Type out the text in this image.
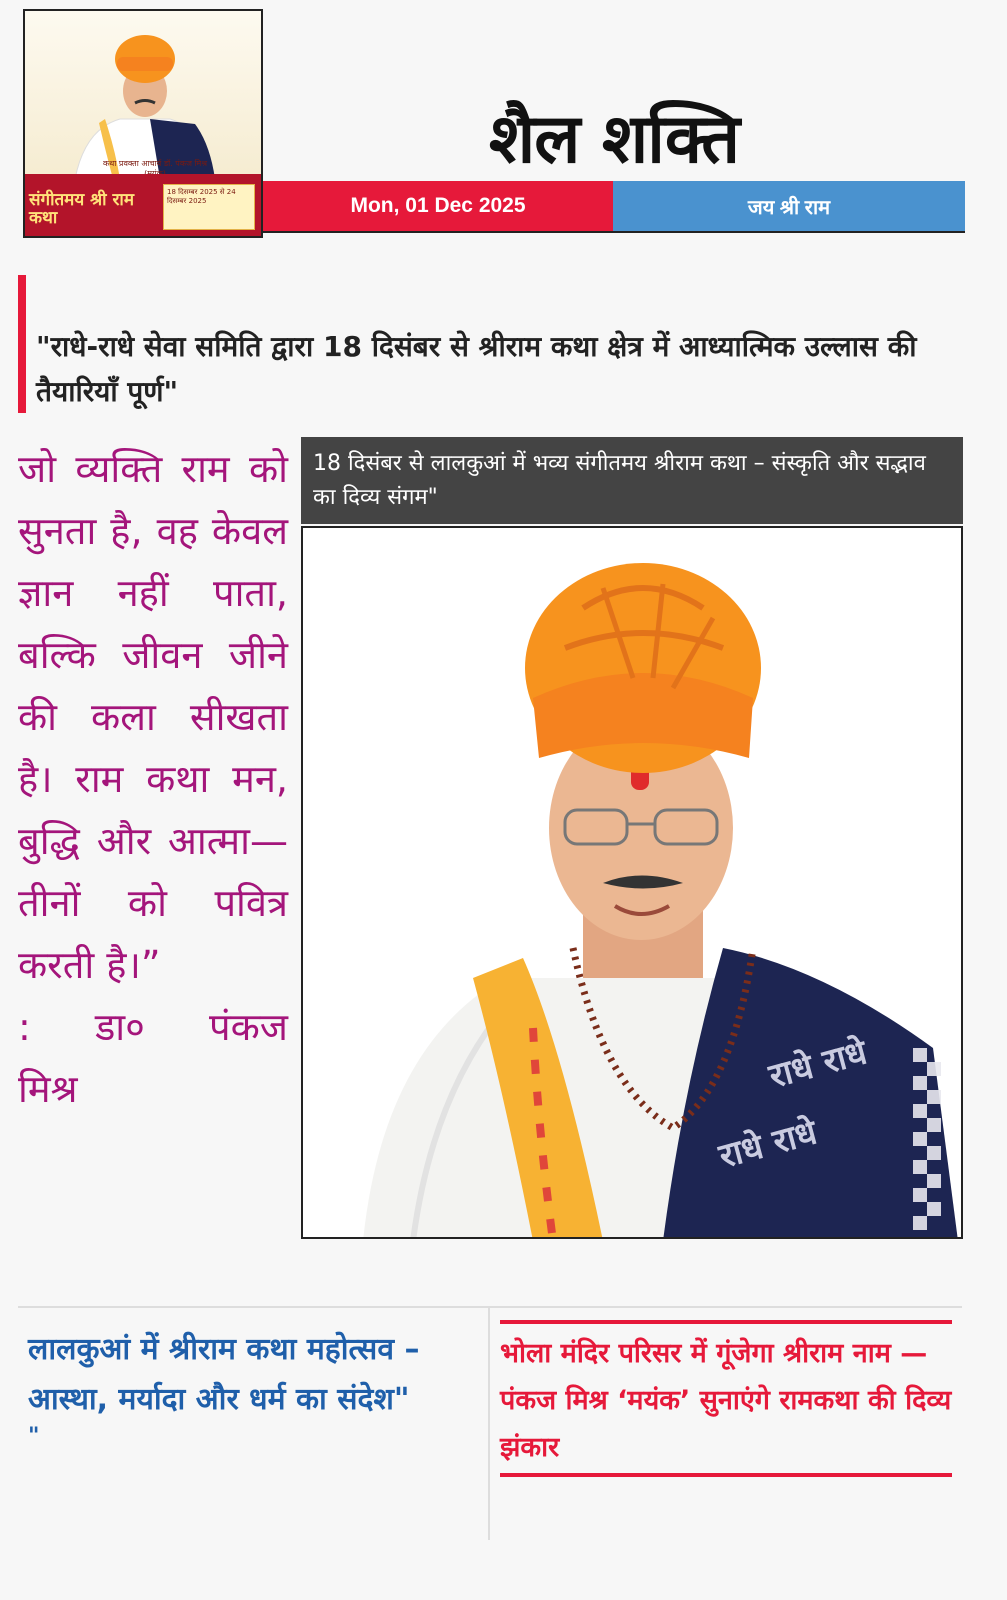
कथा प्रवक्ता आचार्य डॉ. पंकज मिश्र
संगीतमय श्री राम कथा
18 दिसम्बर 2025 से 24 दिसम्बर 2025
शैल शक्ति
Mon, 01 Dec 2025	जय श्री राम
"राधे-राधे सेवा समिति द्वारा 18 दिसंबर से श्रीराम कथा क्षेत्र में आध्यात्मिक उल्लास की तैयारियाँ पूर्ण"
जो व्यक्ति राम को सुनता है, वह केवल ज्ञान नहीं पाता, बल्कि जीवन जीने की कला सीखता है। राम कथा मन, बुद्धि और आत्मा— तीनों को पवित्र करती है।”
: डा० पंकज
मिश्र
18 दिसंबर से लालकुआं में भव्य संगीतमय श्रीराम कथा – संस्कृति और सद्भाव का दिव्य संगम"
राधे राधे
राधे राधे
लालकुआं में श्रीराम कथा महोत्सव – आस्था, मर्यादा और धर्म का संदेश"
"
भोला मंदिर परिसर में गूंजेगा श्रीराम नाम — पंकज मिश्र ‘मयंक’ सुनाएंगे रामकथा की दिव्य झंकार
